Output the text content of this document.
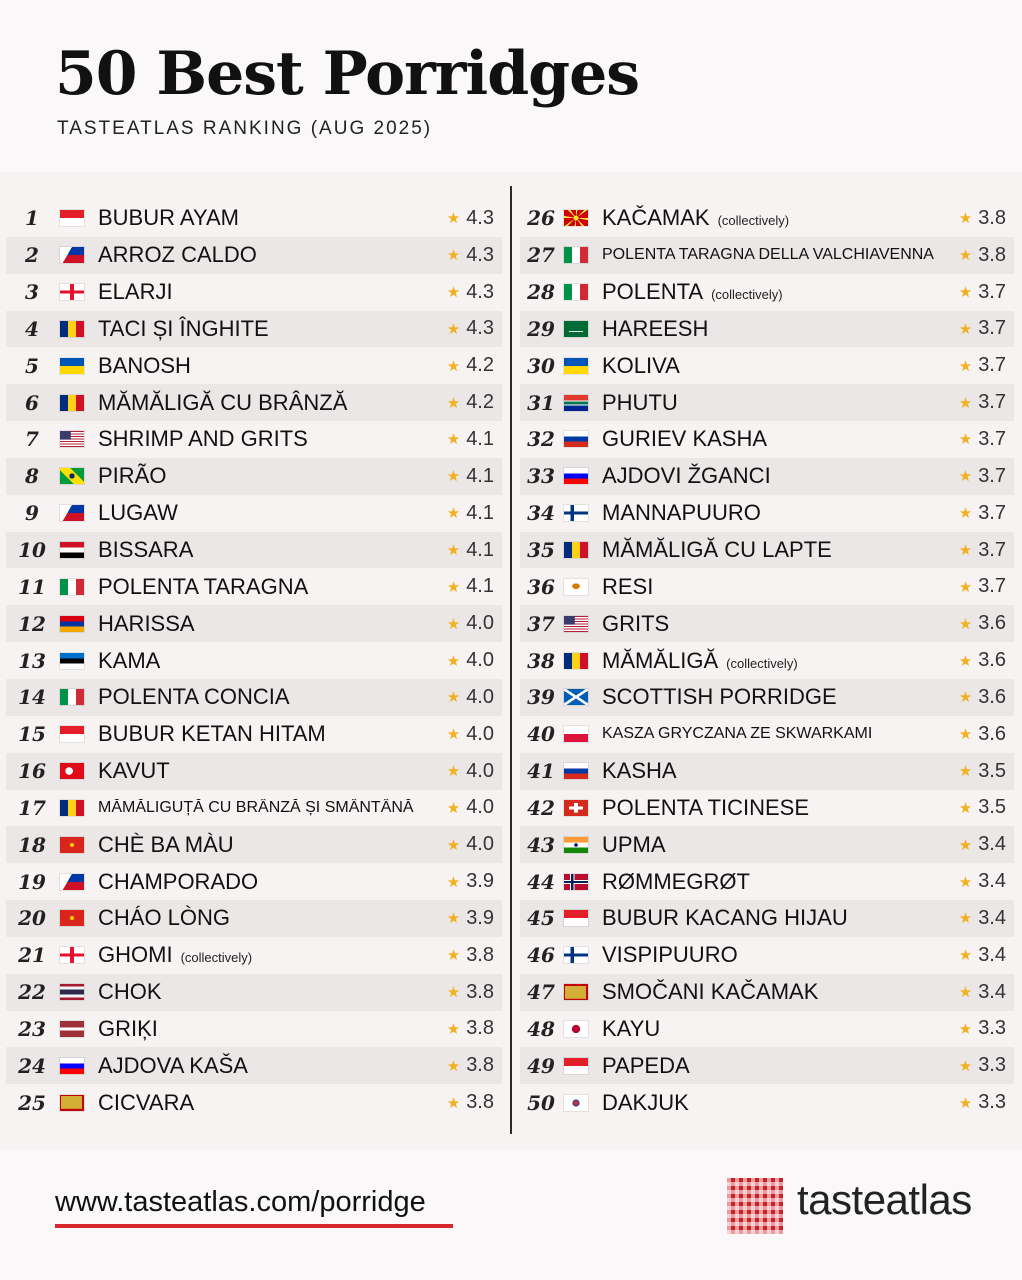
50 Best Porridges
TASTEATLAS RANKING (AUG 2025)
1	BUBUR AYAM	★ 4.3
2	ARROZ CALDO	★ 4.3
3	ELARJI	★ 4.3
4	TACI ȘI ÎNGHITE	★ 4.3
5	BANOSH	★ 4.2
6	MĂMĂLIGĂ CU BRÂNZĂ	★ 4.2
7	SHRIMP AND GRITS	★ 4.1
8	PIRÃO	★ 4.1
9	LUGAW	★ 4.1
10	BISSARA	★ 4.1
11	POLENTA TARAGNA	★ 4.1
12	HARISSA	★ 4.0
13	KAMA	★ 4.0
14	POLENTA CONCIA	★ 4.0
15	BUBUR KETAN HITAM	★ 4.0
16	KAVUT	★ 4.0
17	MĂMĂLIGUȚĂ CU BRÂNZĂ ȘI SMÂNTÂNĂ	★ 4.0
18	CHÈ BA MÀU	★ 4.0
19	CHAMPORADO	★ 3.9
20	CHÁO LÒNG	★ 3.9
21	GHOMI (collectively)	★ 3.8
22	CHOK	★ 3.8
23	GRIĶI	★ 3.8
24	AJDOVA KAŠA	★ 3.8
25	CICVARA	★ 3.8
26	KAČAMAK (collectively)	★ 3.8
27	POLENTA TARAGNA DELLA VALCHIAVENNA	★ 3.8
28	POLENTA (collectively)	★ 3.7
29	HAREESH	★ 3.7
30	KOLIVA	★ 3.7
31	PHUTU	★ 3.7
32	GURIEV KASHA	★ 3.7
33	AJDOVI ŽGANCI	★ 3.7
34	MANNAPUURO	★ 3.7
35	MĂMĂLIGĂ CU LAPTE	★ 3.7
36	RESI	★ 3.7
37	GRITS	★ 3.6
38	MĂMĂLIGĂ (collectively)	★ 3.6
39	SCOTTISH PORRIDGE	★ 3.6
40	KASZA GRYCZANA ZE SKWARKAMI	★ 3.6
41	KASHA	★ 3.5
42	POLENTA TICINESE	★ 3.5
43	UPMA	★ 3.4
44	RØMMEGRØT	★ 3.4
45	BUBUR KACANG HIJAU	★ 3.4
46	VISPIPUURO	★ 3.4
47	SMOČANI KAČAMAK	★ 3.4
48	KAYU	★ 3.3
49	PAPEDA	★ 3.3
50	DAKJUK	★ 3.3
www.tasteatlas.com/porridge	tasteatlas
